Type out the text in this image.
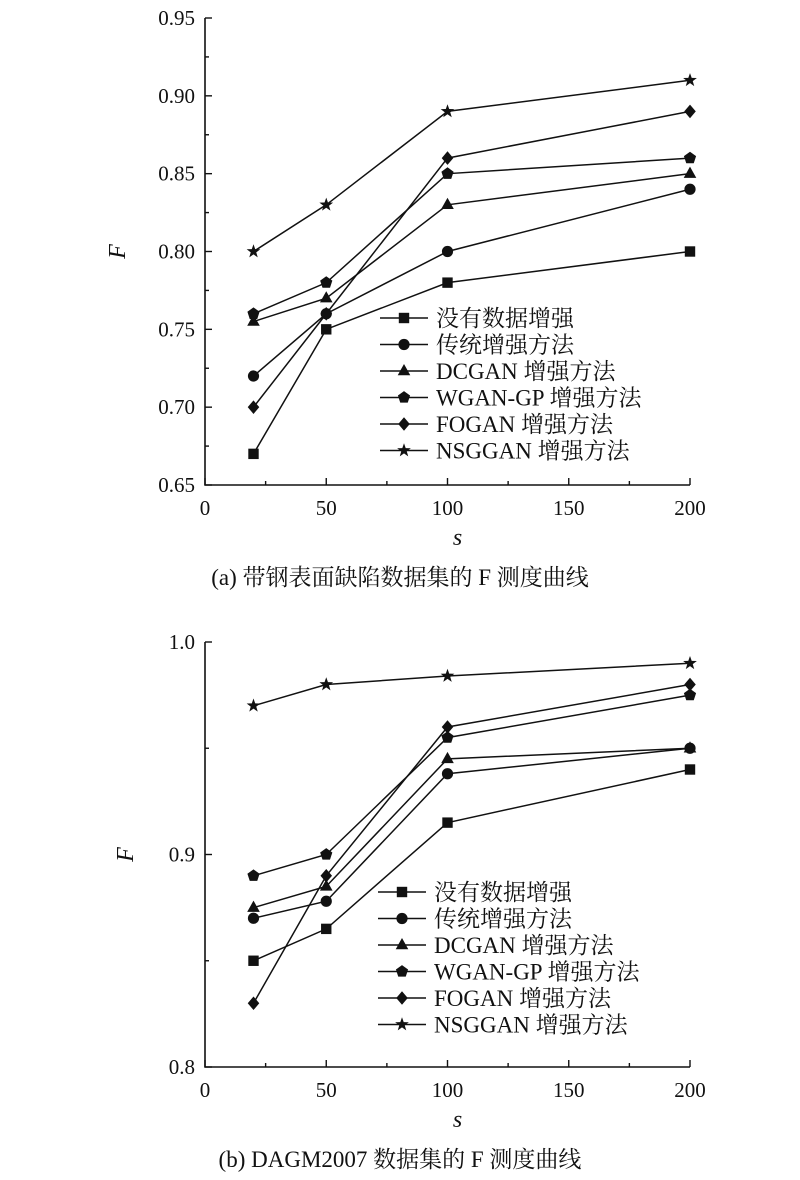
0	50	100	150	200
0.65
0.70
0.75
0.80
0.85
0.90
0.95
s
F
没有数据增强
传统增强方法
DCGAN 增强方法
WGAN-GP 增强方法
FOGAN 增强方法
NSGGAN 增强方法
(a) 带钢表面缺陷数据集的 F 测度曲线
0	50	100	150	200
0.8
0.9
1.0
s
F
没有数据增强
传统增强方法
DCGAN 增强方法
WGAN-GP 增强方法
FOGAN 增强方法
NSGGAN 增强方法
(b) DAGM2007 数据集的 F 测度曲线
